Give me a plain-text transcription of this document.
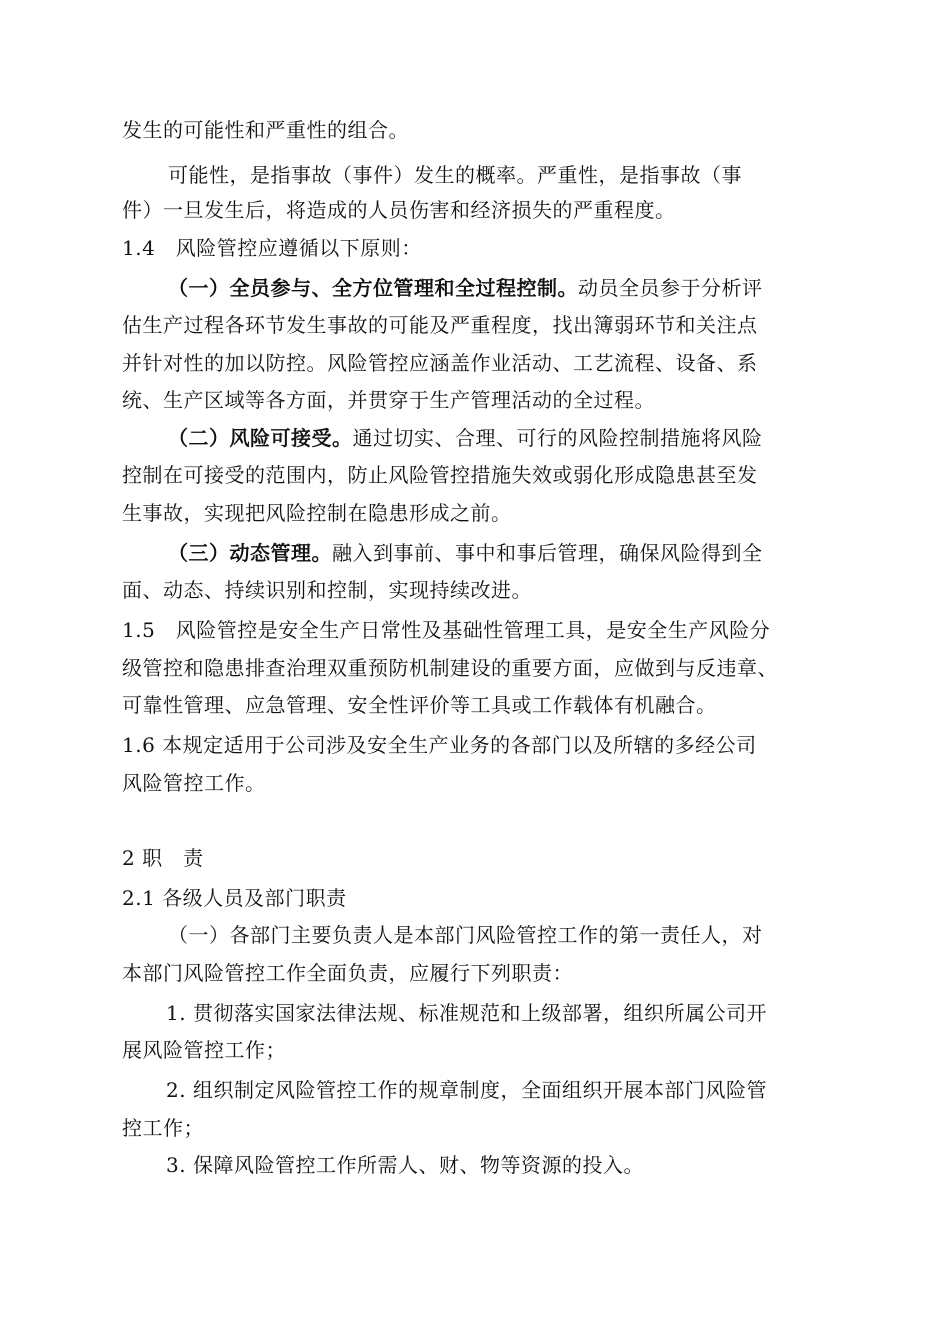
发生的可能性和严重性的组合。
可能性，是指事故（事件）发生的概率。严重性，是指事故（事
件）一旦发生后，将造成的人员伤害和经济损失的严重程度。
1.4　风险管控应遵循以下原则：
（一）全员参与、全方位管理和全过程控制。动员全员参于分析评
估生产过程各环节发生事故的可能及严重程度，找出簿弱环节和关注点
并针对性的加以防控。风险管控应涵盖作业活动、工艺流程、设备、系
统、生产区域等各方面，并贯穿于生产管理活动的全过程。
（二）风险可接受。通过切实、合理、可行的风险控制措施将风险
控制在可接受的范围内，防止风险管控措施失效或弱化形成隐患甚至发
生事故，实现把风险控制在隐患形成之前。
（三）动态管理。融入到事前、事中和事后管理，确保风险得到全
面、动态、持续识别和控制，实现持续改进。
1.5　风险管控是安全生产日常性及基础性管理工具，是安全生产风险分
级管控和隐患排查治理双重预防机制建设的重要方面，应做到与反违章、
可靠性管理、应急管理、安全性评价等工具或工作载体有机融合。
1.6 本规定适用于公司涉及安全生产业务的各部门以及所辖的多经公司
风险管控工作。
2 职　责
2.1 各级人员及部门职责
（一）各部门主要负责人是本部门风险管控工作的第一责任人，对
本部门风险管控工作全面负责，应履行下列职责：
1. 贯彻落实国家法律法规、标准规范和上级部署，组织所属公司开
展风险管控工作；
2. 组织制定风险管控工作的规章制度，全面组织开展本部门风险管
控工作；
3. 保障风险管控工作所需人、财、物等资源的投入。
